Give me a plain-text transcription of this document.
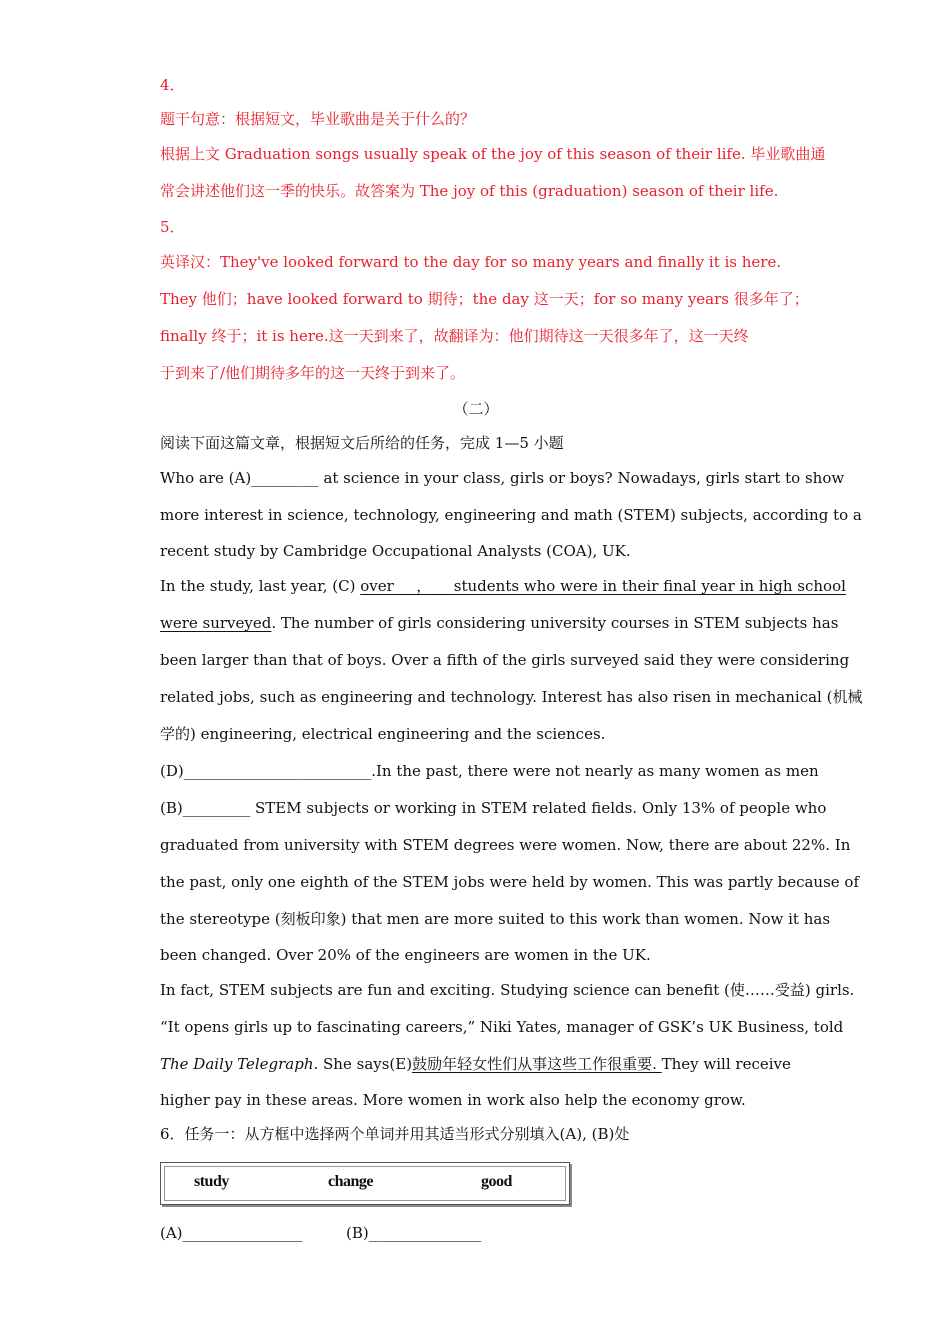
4．

题干句意：根据短文，毕业歌曲是关于什么的？

根据上文 Graduation songs usually speak of the joy of this season of their life. 毕业歌曲通

常会讲述他们这一季的快乐。故答案为 The joy of this (graduation) season of their life.

5．

英译汉：They've looked forward to the day for so many years and finally it is here.

They 他们；have looked forward to 期待；the day 这一天；for so many years 很多年了；

finally 终于；it is here.这一天到来了，故翻译为：他们期待这一天很多年了，这一天终

于到来了/他们期待多年的这一天终于到来了。

（二）

阅读下面这篇文章，根据短文后所给的任务，完成 1—5 小题

Who are (A)_________ at science in your class, girls or boys? Nowadays, girls start to show

more interest in science, technology, engineering and math (STEM) subjects, according to a

recent study by Cambridge Occupational Analysts (COA), UK.

In the study, last year, (C) over___，___students who were in their final year in high school

were surveyed. The number of girls considering university courses in STEM subjects has

been larger than that of boys. Over a fifth of the girls surveyed said they were considering

related jobs, such as engineering and technology. Interest has also risen in mechanical (机械

学的) engineering, electrical engineering and the sciences.

(D)_________________________.In the past, there were not nearly as many women as men

(B)_________ STEM subjects or working in STEM related fields. Only 13% of people who

graduated from university with STEM degrees were women. Now, there are about 22%. In

the past, only one eighth of the STEM jobs were held by women. This was partly because of

the stereotype (刻板印象) that men are more suited to this work than women. Now it has

been changed. Over 20% of the engineers are women in the UK.

In fact, STEM subjects are fun and exciting. Studying science can benefit (使……受益) girls.

“It opens girls up to fascinating careers,” Niki Yates, manager of GSK’s UK Business, told

The Daily Telegraph. She says(E)鼓励年轻女性们从事这些工作很重要. They will receive

higher pay in these areas. More women in work also help the economy grow.

6．任务一：从方框中选择两个单词并用其适当形式分别填入(A), (B)处

study	change	good
(A)________________	(B)_______________
